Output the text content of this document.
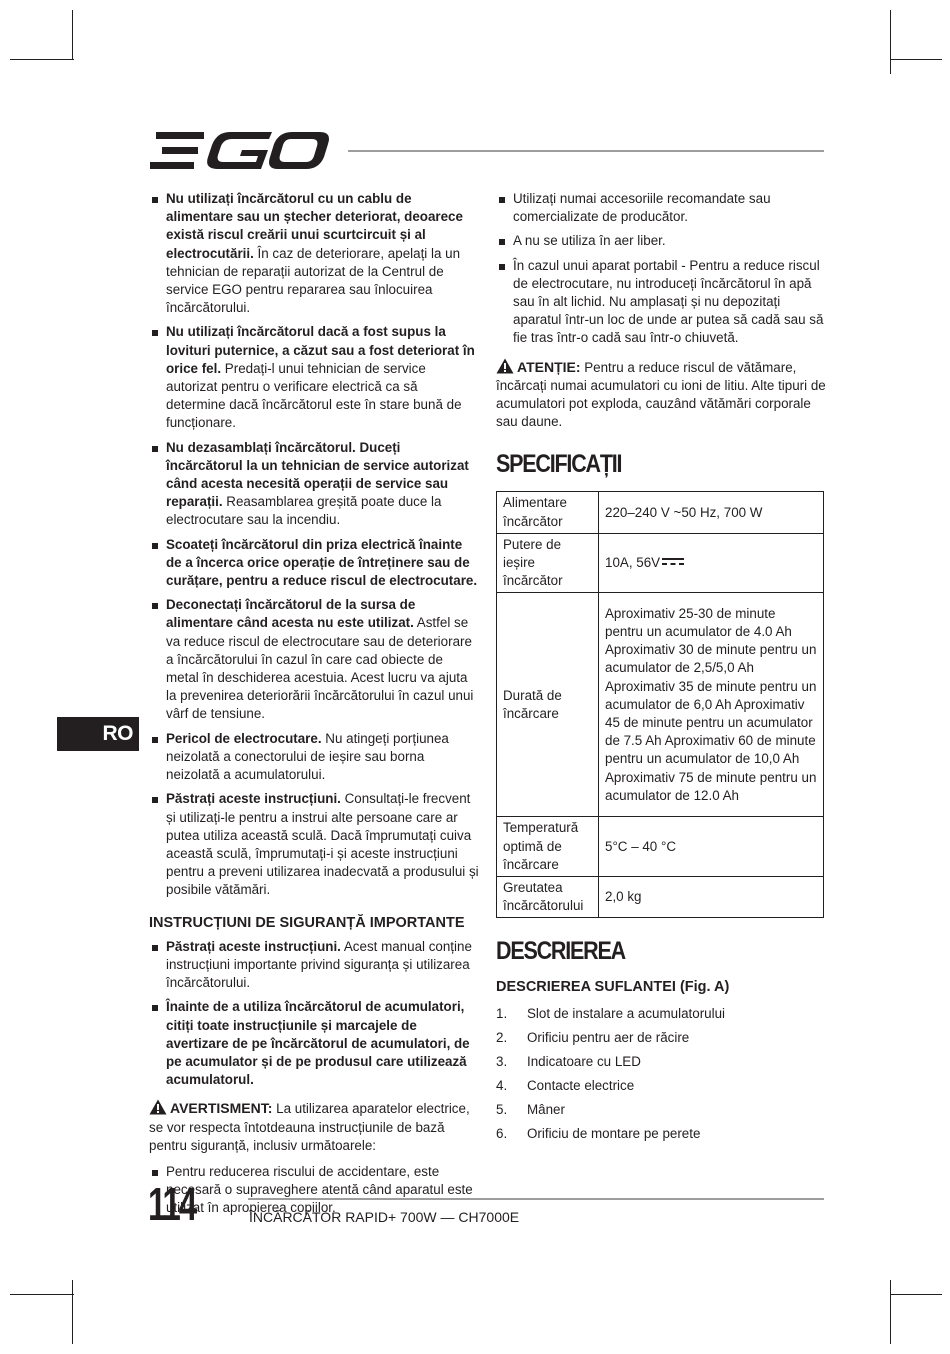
Nu utilizați încărcătorul cu un cablu de alimentare sau un ștecher deteriorat, deoarece există riscul creării unui scurtcircuit și al electrocutării. În caz de deteriorare, apelați la un tehnician de reparații autorizat de la Centrul de service EGO pentru repararea sau înlocuirea încărcătorului.
Nu utilizați încărcătorul dacă a fost supus la lovituri puternice, a căzut sau a fost deteriorat în orice fel. Predați-l unui tehnician de service autorizat pentru o verificare electrică ca să determine dacă încărcătorul este în stare bună de funcționare.
Nu dezasamblați încărcătorul. Duceți încărcătorul la un tehnician de service autorizat când acesta necesită operații de service sau reparații. Reasamblarea greșită poate duce la electrocutare sau la incendiu.
Scoateți încărcătorul din priza electrică înainte de a încerca orice operație de întreținere sau de curățare, pentru a reduce riscul de electrocutare.
Deconectați încărcătorul de la sursa de alimentare când acesta nu este utilizat. Astfel se va reduce riscul de electrocutare sau de deteriorare a încărcătorului în cazul în care cad obiecte de metal în deschiderea acestuia. Acest lucru va ajuta la prevenirea deteriorării încărcătorului în cazul unui vârf de tensiune.
Pericol de electrocutare. Nu atingeți porțiunea neizolată a conectorului de ieșire sau borna neizolată a acumulatorului.
Păstrați aceste instrucțiuni. Consultați-le frecvent și utilizați-le pentru a instrui alte persoane care ar putea utiliza această sculă. Dacă împrumutați cuiva această sculă, împrumutați-i și aceste instrucțiuni pentru a preveni utilizarea inadecvată a produsului și posibile vătămări.
INSTRUCȚIUNI DE SIGURANȚĂ IMPORTANTE
Păstrați aceste instrucțiuni. Acest manual conține instrucțiuni importante privind siguranța și utilizarea încărcătorului.
Înainte de a utiliza încărcătorul de acumulatori, citiți toate instrucțiunile și marcajele de avertizare de pe încărcătorul de acumulatori, de pe acumulator și de pe produsul care utilizează acumulatorul.

AVERTISMENT: La utilizarea aparatelor electrice, se vor respecta întotdeauna instrucțiunile de bază pentru siguranță, inclusiv următoarele:

Pentru reducerea riscului de accidentare, este necesară o supraveghere atentă când aparatul este utilizat în apropierea copiilor.
Utilizați numai accesoriile recomandate sau comercializate de producător.
A nu se utiliza în aer liber.
În cazul unui aparat portabil - Pentru a reduce riscul de electrocutare, nu introduceți încărcătorul în apă sau în alt lichid. Nu amplasați și nu depozitați aparatul într-un loc de unde ar putea să cadă sau să fie tras într-o cadă sau într-o chiuvetă.

ATENȚIE: Pentru a reduce riscul de vătămare, încărcați numai acumulatori cu ioni de litiu. Alte tipuri de acumulatori pot exploda, cauzând vătămări corporale sau daune.

SPECIFICAȚII
Alimentare încărcător	220–240 V ~50 Hz, 700 W
Putere de ieșire încărcător	10A, 56V
Durată de încărcare	Aproximativ 25-30 de minute pentru un acumulator de 4.0 Ah Aproximativ 30 de minute pentru un acumulator de 2,5/5,0 Ah Aproximativ 35 de minute pentru un acumulator de 6,0 Ah Aproximativ 45 de minute pentru un acumulator de 7.5 Ah Aproximativ 60 de minute pentru un acumulator de 10,0 Ah Aproximativ 75 de minute pentru un acumulator de 12.0 Ah
Temperatură optimă de încărcare	5°C – 40 °C
Greutatea încărcătorului	2,0 kg
DESCRIEREA
DESCRIEREA SUFLANTEI (Fig. A)
1.	Slot de instalare a acumulatorului
2.	Orificiu pentru aer de răcire
3.	Indicatoare cu LED
4.	Contacte electrice
5.	Mâner
6.	Orificiu de montare pe perete
RO
114	ÎNCĂRCĂTOR RAPID+ 700W — CH7000E
